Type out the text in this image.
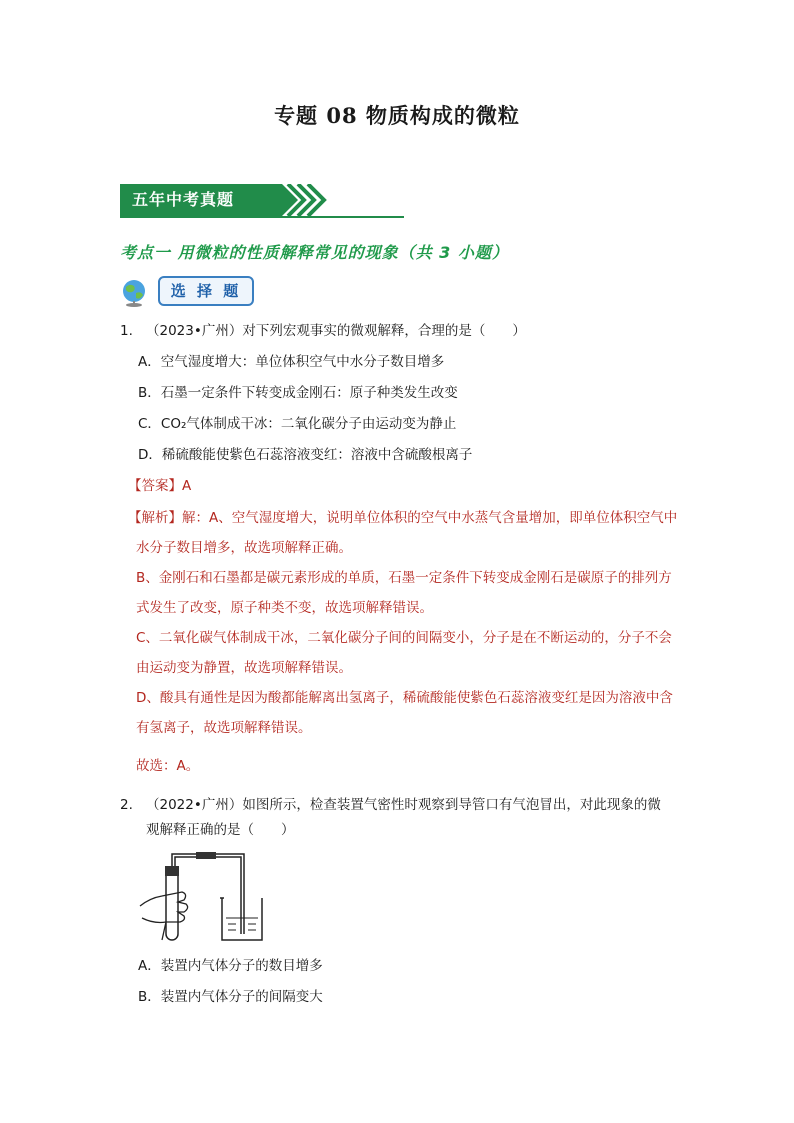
专题 08 物质构成的微粒
五年中考真题
考点一 用微粒的性质解释常见的现象（共 3 小题）
选 择 题
1. （2023•广州）对下列宏观事实的微观解释，合理的是（　　）
A．空气湿度增大：单位体积空气中水分子数目增多
B．石墨一定条件下转变成金刚石：原子种类发生改变
C．CO₂气体制成干冰：二氧化碳分子由运动变为静止
D．稀硫酸能使紫色石蕊溶液变红：溶液中含硫酸根离子
【答案】A
【解析】解：A、空气湿度增大，说明单位体积的空气中水蒸气含量增加，即单位体积空气中水分子数目增多，故选项解释正确。
B、金刚石和石墨都是碳元素形成的单质，石墨一定条件下转变成金刚石是碳原子的排列方式发生了改变，原子种类不变，故选项解释错误。
C、二氧化碳气体制成干冰，二氧化碳分子间的间隔变小，分子是在不断运动的，分子不会由运动变为静置，故选项解释错误。
D、酸具有通性是因为酸都能解离出氢离子，稀硫酸能使紫色石蕊溶液变红是因为溶液中含有氢离子，故选项解释错误。
故选：A。
2. （2022•广州）如图所示，检查装置气密性时观察到导管口有气泡冒出，对此现象的微
观解释正确的是（　　）
A．装置内气体分子的数目增多
B．装置内气体分子的间隔变大
